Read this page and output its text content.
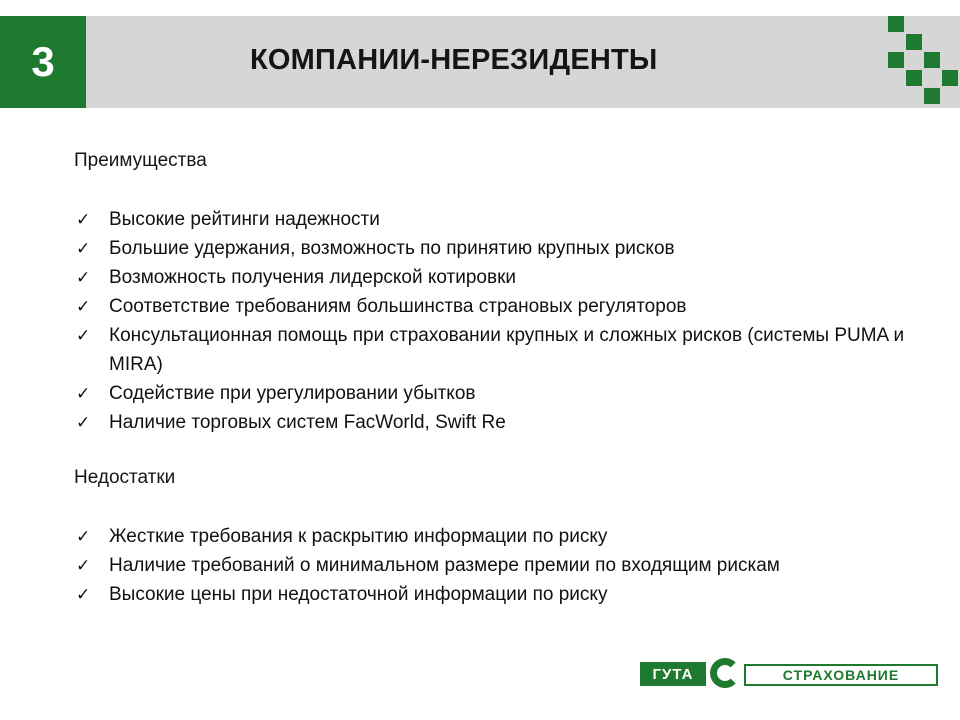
3	КОМПАНИИ-НЕРЕЗИДЕНТЫ
Преимущества
✓ Высокие рейтинги надежности
✓ Большие удержания, возможность по принятию крупных рисков
✓ Возможность получения лидерской котировки
✓ Соответствие требованиям большинства страновых регуляторов
✓ Консультационная помощь при страховании крупных и сложных рисков (системы PUMA и MIRA)
✓ Содействие при урегулировании убытков
✓ Наличие торговых систем FacWorld, Swift Re
Недостатки
✓ Жесткие требования к раскрытию информации по риску
✓ Наличие требований о минимальном размере премии по входящим рискам
✓ Высокие цены при недостаточной информации по риску
ГУТА	СТРАХОВАНИЕ
